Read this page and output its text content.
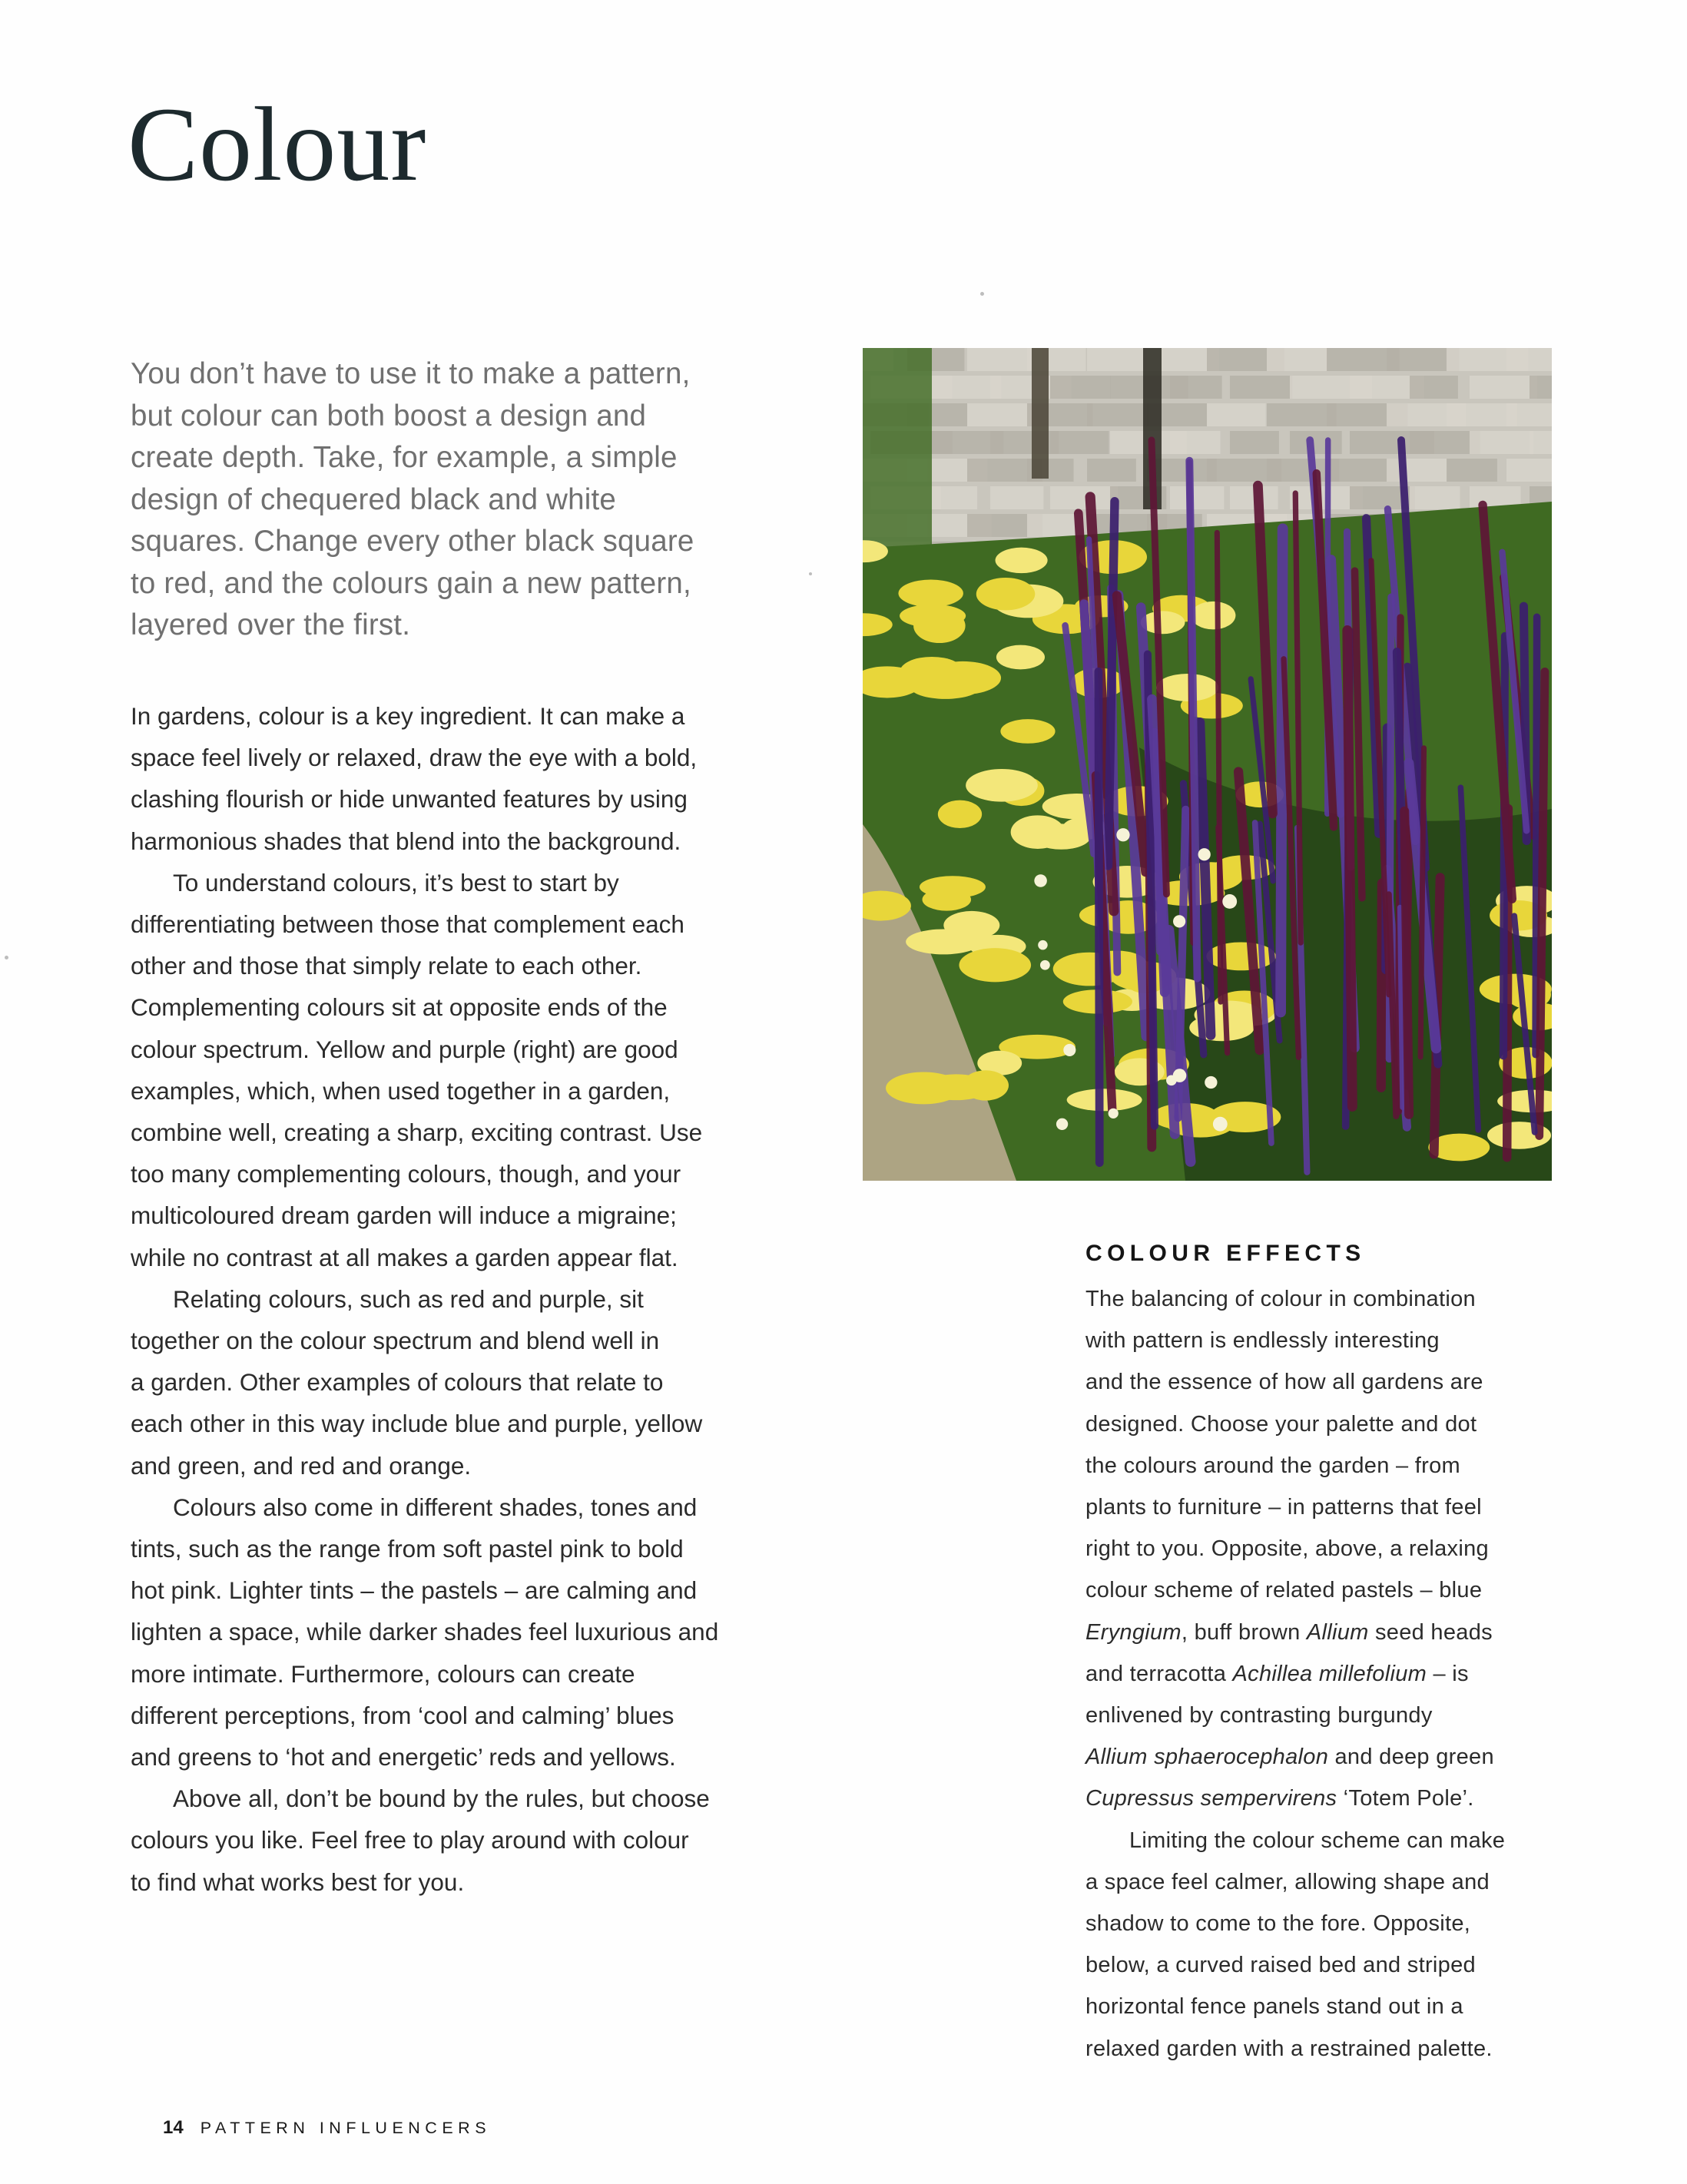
Colour
You don’t have to use it to make a pattern,
but colour can both boost a design and
create depth. Take, for example, a simple
design of chequered black and white
squares. Change every other black square
to red, and the colours gain a new pattern,
layered over the first.
In gardens, colour is a key ingredient. It can make a
space feel lively or relaxed, draw the eye with a bold,
clashing flourish or hide unwanted features by using
harmonious shades that blend into the background.
To understand colours, it’s best to start by
differentiating between those that complement each
other and those that simply relate to each other.
Complementing colours sit at opposite ends of the
colour spectrum. Yellow and purple (right) are good
examples, which, when used together in a garden,
combine well, creating a sharp, exciting contrast. Use
too many complementing colours, though, and your
multicoloured dream garden will induce a migraine;
while no contrast at all makes a garden appear flat.
Relating colours, such as red and purple, sit
together on the colour spectrum and blend well in
a garden. Other examples of colours that relate to
each other in this way include blue and purple, yellow
and green, and red and orange.
Colours also come in different shades, tones and
tints, such as the range from soft pastel pink to bold
hot pink. Lighter tints – the pastels – are calming and
lighten a space, while darker shades feel luxurious and
more intimate. Furthermore, colours can create
different perceptions, from ‘cool and calming’ blues
and greens to ‘hot and energetic’ reds and yellows.
Above all, don’t be bound by the rules, but choose
colours you like. Feel free to play around with colour
to find what works best for you.
COLOUR EFFECTS
The balancing of colour in combination
with pattern is endlessly interesting
and the essence of how all gardens are
designed. Choose your palette and dot
the colours around the garden – from
plants to furniture – in patterns that feel
right to you. Opposite, above, a relaxing
colour scheme of related pastels – blue
Eryngium, buff brown Allium seed heads
and terracotta Achillea millefolium – is
enlivened by contrasting burgundy
Allium sphaerocephalon and deep green
Cupressus sempervirens ‘Totem Pole’.
Limiting the colour scheme can make
a space feel calmer, allowing shape and
shadow to come to the fore. Opposite,
below, a curved raised bed and striped
horizontal fence panels stand out in a
relaxed garden with a restrained palette.
14 PATTERN INFLUENCERS
